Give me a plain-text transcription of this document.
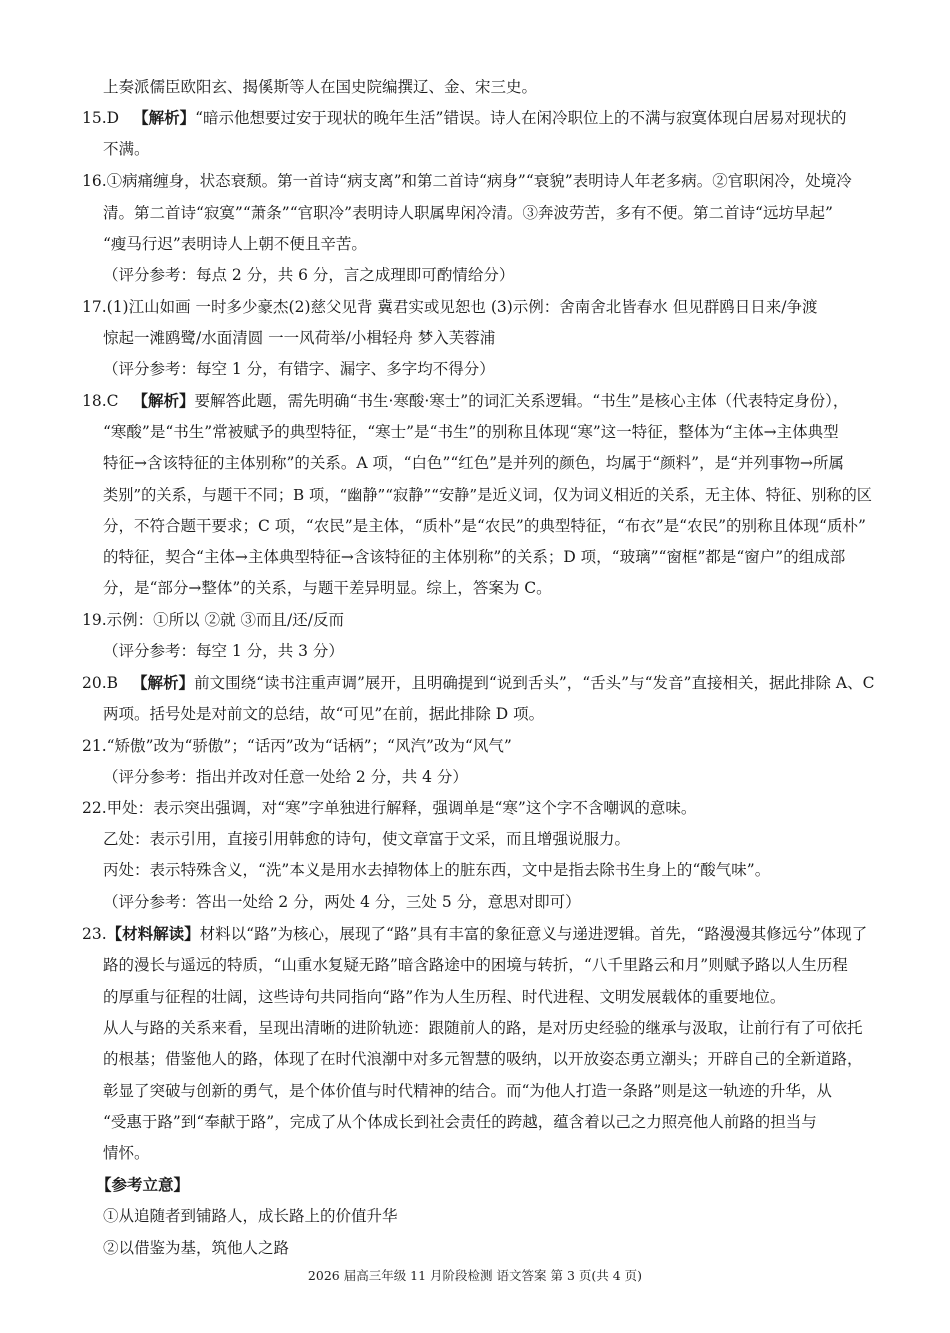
上奏派儒臣欧阳玄、揭傒斯等人在国史院编撰辽、金、宋三史。
15.D 【解析】“暗示他想要过安于现状的晚年生活”错误。诗人在闲冷职位上的不满与寂寞体现白居易对现状的
不满。
16.①病痛缠身，状态衰颓。第一首诗“病支离”和第二首诗“病身”“衰貌”表明诗人年老多病。②官职闲冷，处境冷
清。第二首诗“寂寞”“萧条”“官职冷”表明诗人职属卑闲冷清。③奔波劳苦，多有不便。第二首诗“远坊早起”
“瘦马行迟”表明诗人上朝不便且辛苦。
（评分参考：每点 2 分，共 6 分，言之成理即可酌情给分）
17.(1)江山如画 一时多少豪杰(2)慈父见背 冀君实或见恕也 (3)示例：舍南舍北皆春水 但见群鸥日日来/争渡
惊起一滩鸥鹭/水面清圆 一一风荷举/小楫轻舟 梦入芙蓉浦
（评分参考：每空 1 分，有错字、漏字、多字均不得分）
18.C 【解析】要解答此题，需先明确“书生·寒酸·寒士”的词汇关系逻辑。“书生”是核心主体（代表特定身份），
“寒酸”是“书生”常被赋予的典型特征，“寒士”是“书生”的别称且体现“寒”这一特征，整体为“主体→主体典型
特征→含该特征的主体别称”的关系。A 项，“白色”“红色”是并列的颜色，均属于“颜料”，是“并列事物→所属
类别”的关系，与题干不同；B 项，“幽静”“寂静”“安静”是近义词，仅为词义相近的关系，无主体、特征、别称的区
分，不符合题干要求；C 项，“农民”是主体，“质朴”是“农民”的典型特征，“布衣”是“农民”的别称且体现“质朴”
的特征，契合“主体→主体典型特征→含该特征的主体别称”的关系；D 项，“玻璃”“窗框”都是“窗户”的组成部
分，是“部分→整体”的关系，与题干差异明显。综上，答案为 C。
19.示例：①所以 ②就 ③而且/还/反而
（评分参考：每空 1 分，共 3 分）
20.B 【解析】前文围绕“读书注重声调”展开，且明确提到“说到舌头”，“舌头”与“发音”直接相关，据此排除 A、C
两项。括号处是对前文的总结，故“可见”在前，据此排除 D 项。
21.“矫傲”改为“骄傲”；“话丙”改为“话柄”；“风汽”改为“风气”
（评分参考：指出并改对任意一处给 2 分，共 4 分）
22.甲处：表示突出强调，对“寒”字单独进行解释，强调单是“寒”这个字不含嘲讽的意味。
乙处：表示引用，直接引用韩愈的诗句，使文章富于文采，而且增强说服力。
丙处：表示特殊含义，“洗”本义是用水去掉物体上的脏东西，文中是指去除书生身上的“酸气味”。
（评分参考：答出一处给 2 分，两处 4 分，三处 5 分，意思对即可）
23.【材料解读】材料以“路”为核心，展现了“路”具有丰富的象征意义与递进逻辑。首先，“路漫漫其修远兮”体现了
路的漫长与遥远的特质，“山重水复疑无路”暗含路途中的困境与转折，“八千里路云和月”则赋予路以人生历程
的厚重与征程的壮阔，这些诗句共同指向“路”作为人生历程、时代进程、文明发展载体的重要地位。
从人与路的关系来看，呈现出清晰的进阶轨迹：跟随前人的路，是对历史经验的继承与汲取，让前行有了可依托
的根基；借鉴他人的路，体现了在时代浪潮中对多元智慧的吸纳，以开放姿态勇立潮头；开辟自己的全新道路，
彰显了突破与创新的勇气，是个体价值与时代精神的结合。而“为他人打造一条路”则是这一轨迹的升华，从
“受惠于路”到“奉献于路”，完成了从个体成长到社会责任的跨越，蕴含着以己之力照亮他人前路的担当与
情怀。
【参考立意】
①从追随者到铺路人，成长路上的价值升华
②以借鉴为基，筑他人之路
2026 届高三年级 11 月阶段检测 语文答案 第 3 页(共 4 页)
